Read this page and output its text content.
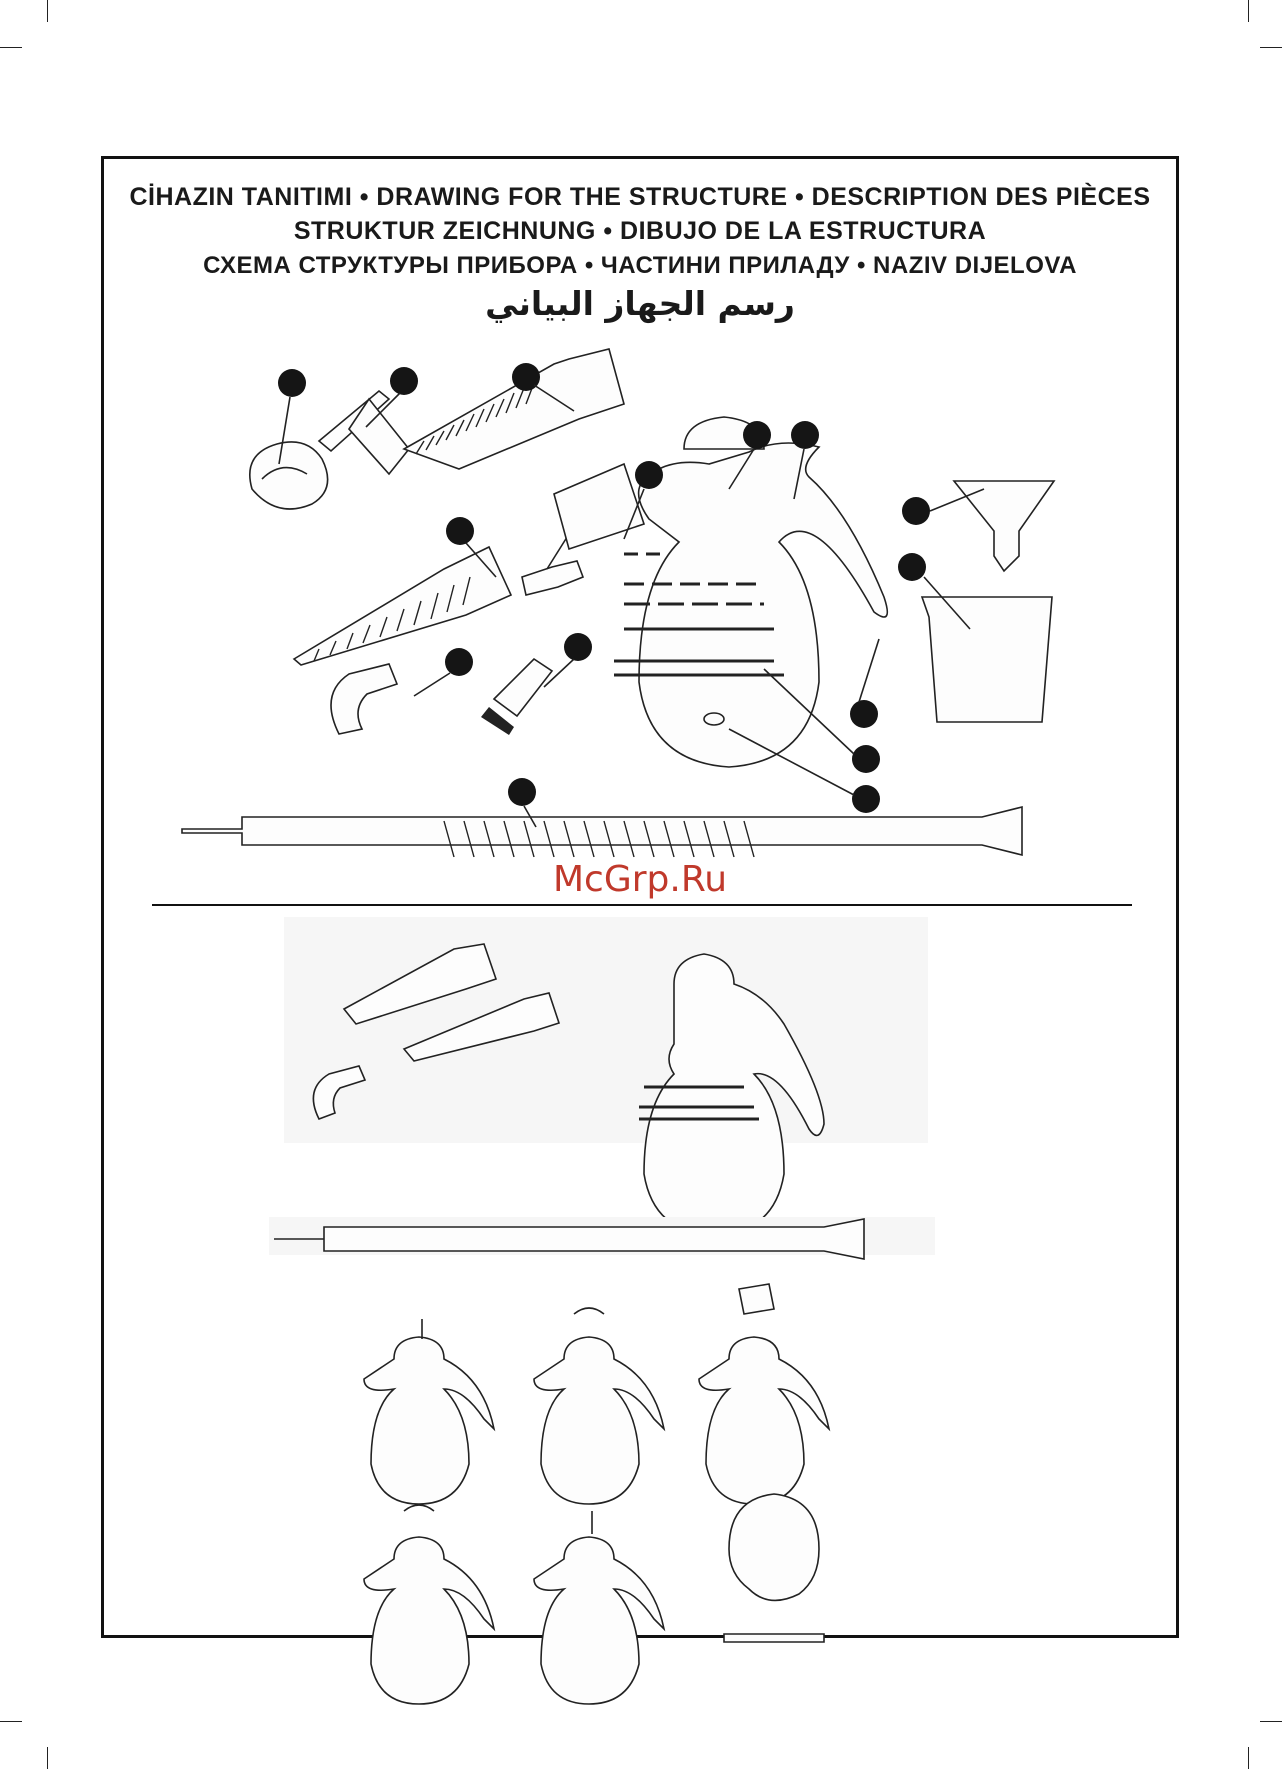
CİHAZIN TANITIMI • DRAWING FOR THE STRUCTURE • DESCRIPTION DES PIÈCES
STRUKTUR ZEICHNUNG • DIBUJO DE LA ESTRUCTURA
СХЕМА СТРУКТУРЫ ПРИБОРА • ЧАСТИНИ ПРИЛАДУ • NAZIV DIJELOVA
رسم الجهاز البياني
McGrp.Ru
